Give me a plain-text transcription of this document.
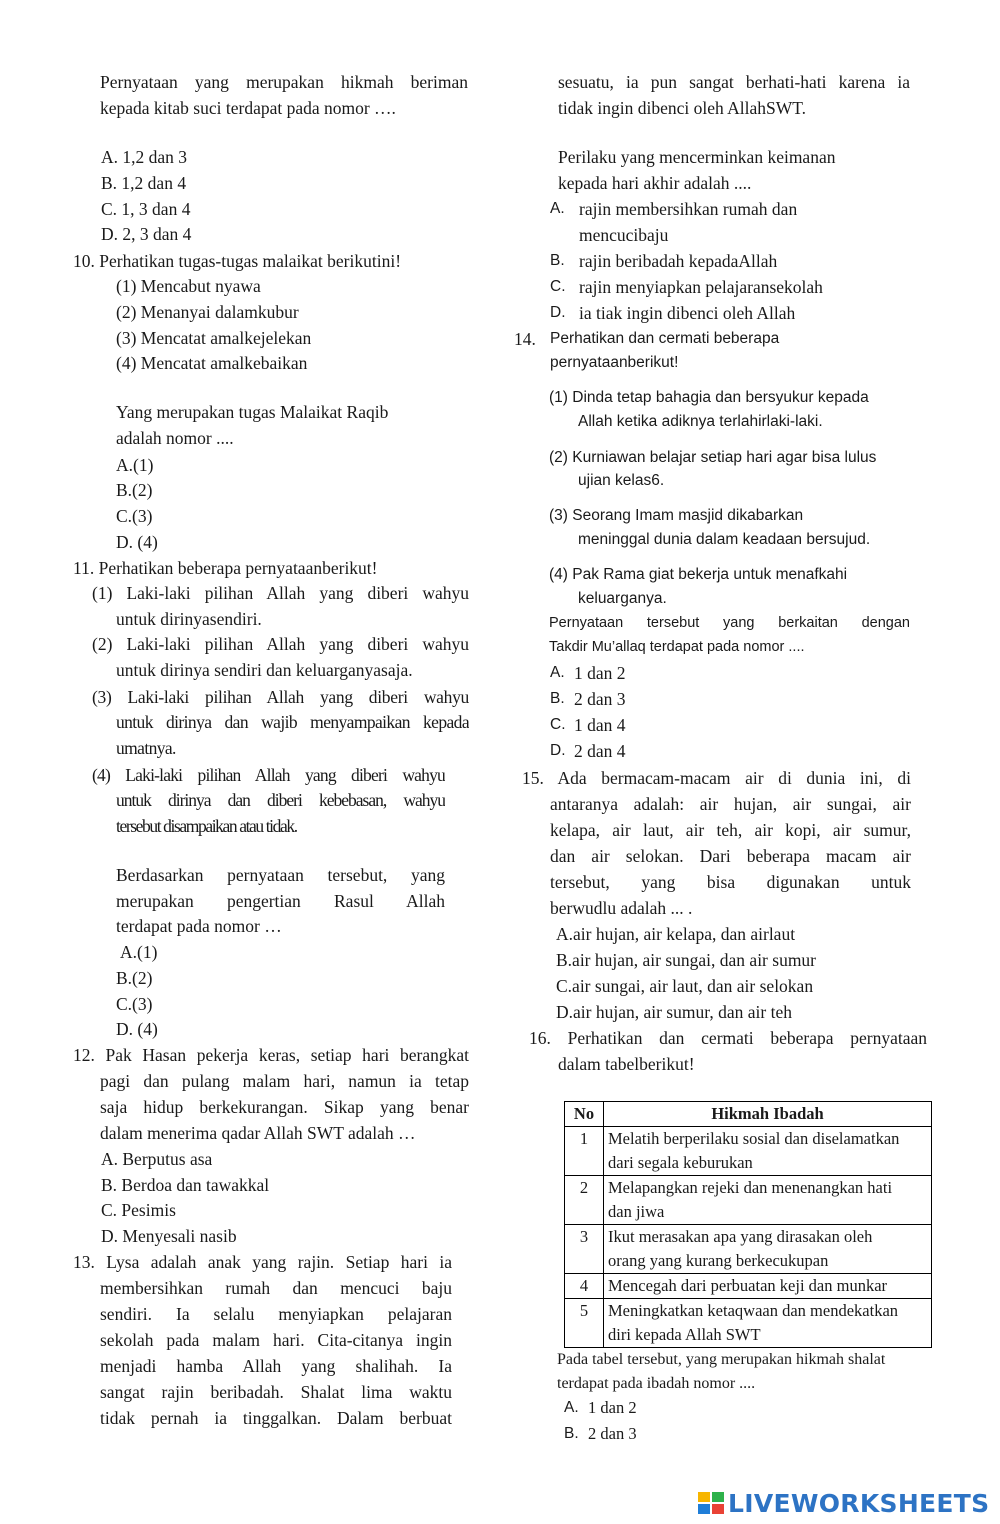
Pernyataan yang merupakan hikmah beriman
kepada kitab suci terdapat pada nomor ….
A. 1,2 dan 3
B. 1,2 dan 4
C. 1, 3 dan 4
D. 2, 3 dan 4
10. Perhatikan tugas-tugas malaikat berikutini!
(1) Mencabut nyawa
(2) Menanyai dalamkubur
(3) Mencatat amalkejelekan
(4) Mencatat amalkebaikan
Yang merupakan tugas Malaikat Raqib
adalah nomor ....
A.(1)
B.(2)
C.(3)
D. (4)
11. Perhatikan beberapa pernyataanberikut!
(1) Laki-laki pilihan Allah yang diberi wahyu
untuk dirinyasendiri.
(2) Laki-laki pilihan Allah yang diberi wahyu
untuk dirinya sendiri dan keluarganyasaja.
(3) Laki-laki pilihan Allah yang diberi wahyu
untuk dirinya dan wajib menyampaikan kepada
umatnya.
(4) Laki-laki pilihan Allah yang diberi wahyu
untuk dirinya dan diberi kebebasan, wahyu
tersebut disampaikan atau tidak.
Berdasarkan pernyataan tersebut, yang
merupakan pengertian Rasul Allah
terdapat pada nomor …
A.(1)
B.(2)
C.(3)
D. (4)
12. Pak Hasan pekerja keras, setiap hari berangkat
pagi dan pulang malam hari, namun ia tetap
saja hidup berkekurangan. Sikap yang benar
dalam menerima qadar Allah SWT adalah …
A. Berputus asa
B. Berdoa dan tawakkal
C. Pesimis
D. Menyesali nasib
13. Lysa adalah anak yang rajin. Setiap hari ia
membersihkan rumah dan mencuci baju
sendiri. Ia selalu menyiapkan pelajaran
sekolah pada malam hari. Cita-citanya ingin
menjadi hamba Allah yang shalihah. Ia
sangat rajin beribadah. Shalat lima waktu
tidak pernah ia tinggalkan. Dalam berbuat
sesuatu, ia pun sangat berhati-hati karena ia
tidak ingin dibenci oleh AllahSWT.
Perilaku yang mencerminkan keimanan
kepada hari akhir adalah ....
A. rajin membersihkan rumah dan
mencucibaju
B. rajin beribadah kepadaAllah
C. rajin menyiapkan pelajaransekolah
D. ia tiak ingin dibenci oleh Allah
14. Perhatikan dan cermati beberapa
pernyataanberikut!
(1) Dinda tetap bahagia dan bersyukur kepada
Allah ketika adiknya terlahirlaki-laki.
(2) Kurniawan belajar setiap hari agar bisa lulus
ujian kelas6.
(3) Seorang Imam masjid dikabarkan
meninggal dunia dalam keadaan bersujud.
(4) Pak Rama giat bekerja untuk menafkahi
keluarganya.
Pernyataan tersebut yang berkaitan dengan
Takdir Mu’allaq terdapat pada nomor ....
A. 1 dan 2
B. 2 dan 3
C. 1 dan 4
D. 2 dan 4
15. Ada bermacam-macam air di dunia ini, di
antaranya adalah: air hujan, air sungai, air
kelapa, air laut, air teh, air kopi, air sumur,
dan air selokan. Dari beberapa macam air
tersebut, yang bisa digunakan untuk
berwudlu adalah ... .
A.air hujan, air kelapa, dan airlaut
B.air hujan, air sungai, dan air sumur
C.air sungai, air laut, dan air selokan
D.air hujan, air sumur, dan air teh
16. Perhatikan dan cermati beberapa pernyataan
dalam tabelberikut!
No	Hikmah Ibadah
1	Melatih berperilaku sosial dan diselamatkan
dari segala keburukan

2	Melapangkan rejeki dan menenangkan hati
dan jiwa

3	Ikut merasakan apa yang dirasakan oleh
orang yang kurang berkecukupan

4	Mencegah dari perbuatan keji dan munkar

5	Meningkatkan ketaqwaan dan mendekatkan
diri kepada Allah SWT
Pada tabel tersebut, yang merupakan hikmah shalat
terdapat pada ibadah nomor ....
A. 1 dan 2
B. 2 dan 3
LIVEWORKSHEETS
